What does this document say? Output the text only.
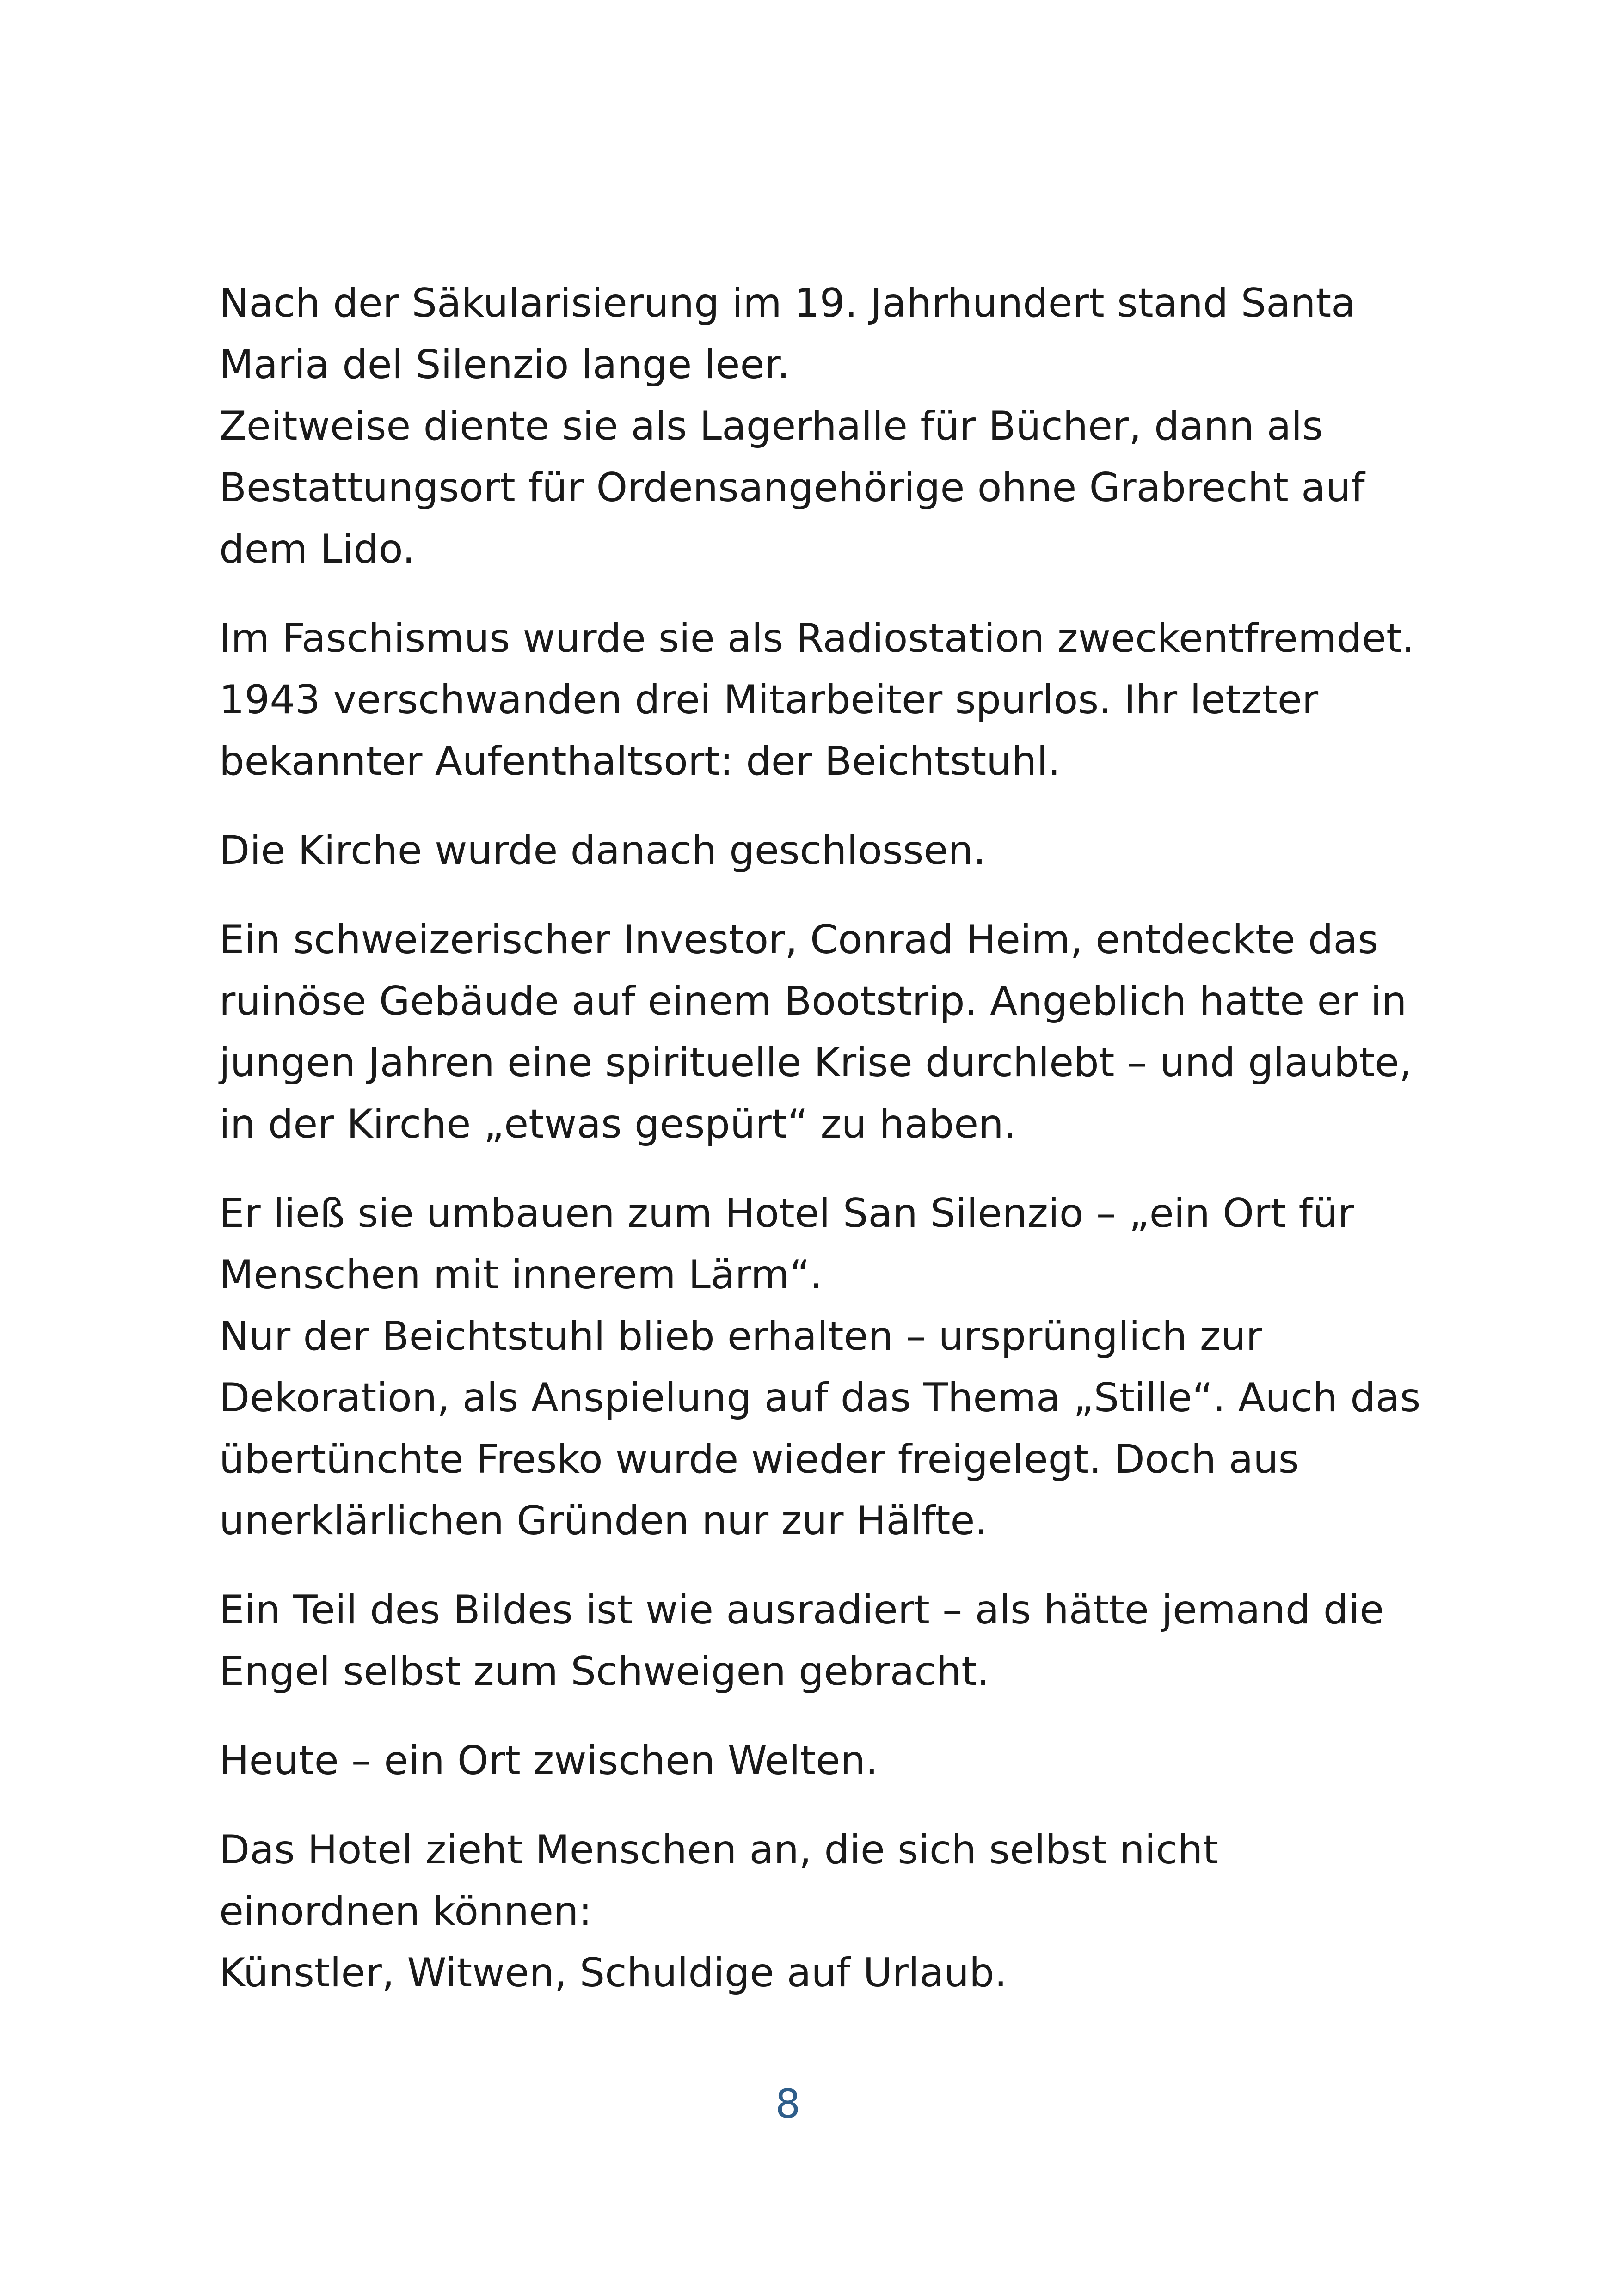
Nach der Säkularisierung im 19. Jahrhundert stand Santa
Maria del Silenzio lange leer.
Zeitweise diente sie als Lagerhalle für Bücher, dann als
Bestattungsort für Ordensangehörige ohne Grabrecht auf
dem Lido.
Im Faschismus wurde sie als Radiostation zweckentfremdet.
1943 verschwanden drei Mitarbeiter spurlos. Ihr letzter
bekannter Aufenthaltsort: der Beichtstuhl.
Die Kirche wurde danach geschlossen.
Ein schweizerischer Investor, Conrad Heim, entdeckte das
ruinöse Gebäude auf einem Bootstrip. Angeblich hatte er in
jungen Jahren eine spirituelle Krise durchlebt – und glaubte,
in der Kirche „etwas gespürt“ zu haben.
Er ließ sie umbauen zum Hotel San Silenzio – „ein Ort für
Menschen mit innerem Lärm“.
Nur der Beichtstuhl blieb erhalten – ursprünglich zur
Dekoration, als Anspielung auf das Thema „Stille“. Auch das
übertünchte Fresko wurde wieder freigelegt. Doch aus
unerklärlichen Gründen nur zur Hälfte.
Ein Teil des Bildes ist wie ausradiert – als hätte jemand die
Engel selbst zum Schweigen gebracht.
Heute – ein Ort zwischen Welten.
Das Hotel zieht Menschen an, die sich selbst nicht
einordnen können:
Künstler, Witwen, Schuldige auf Urlaub.
8
